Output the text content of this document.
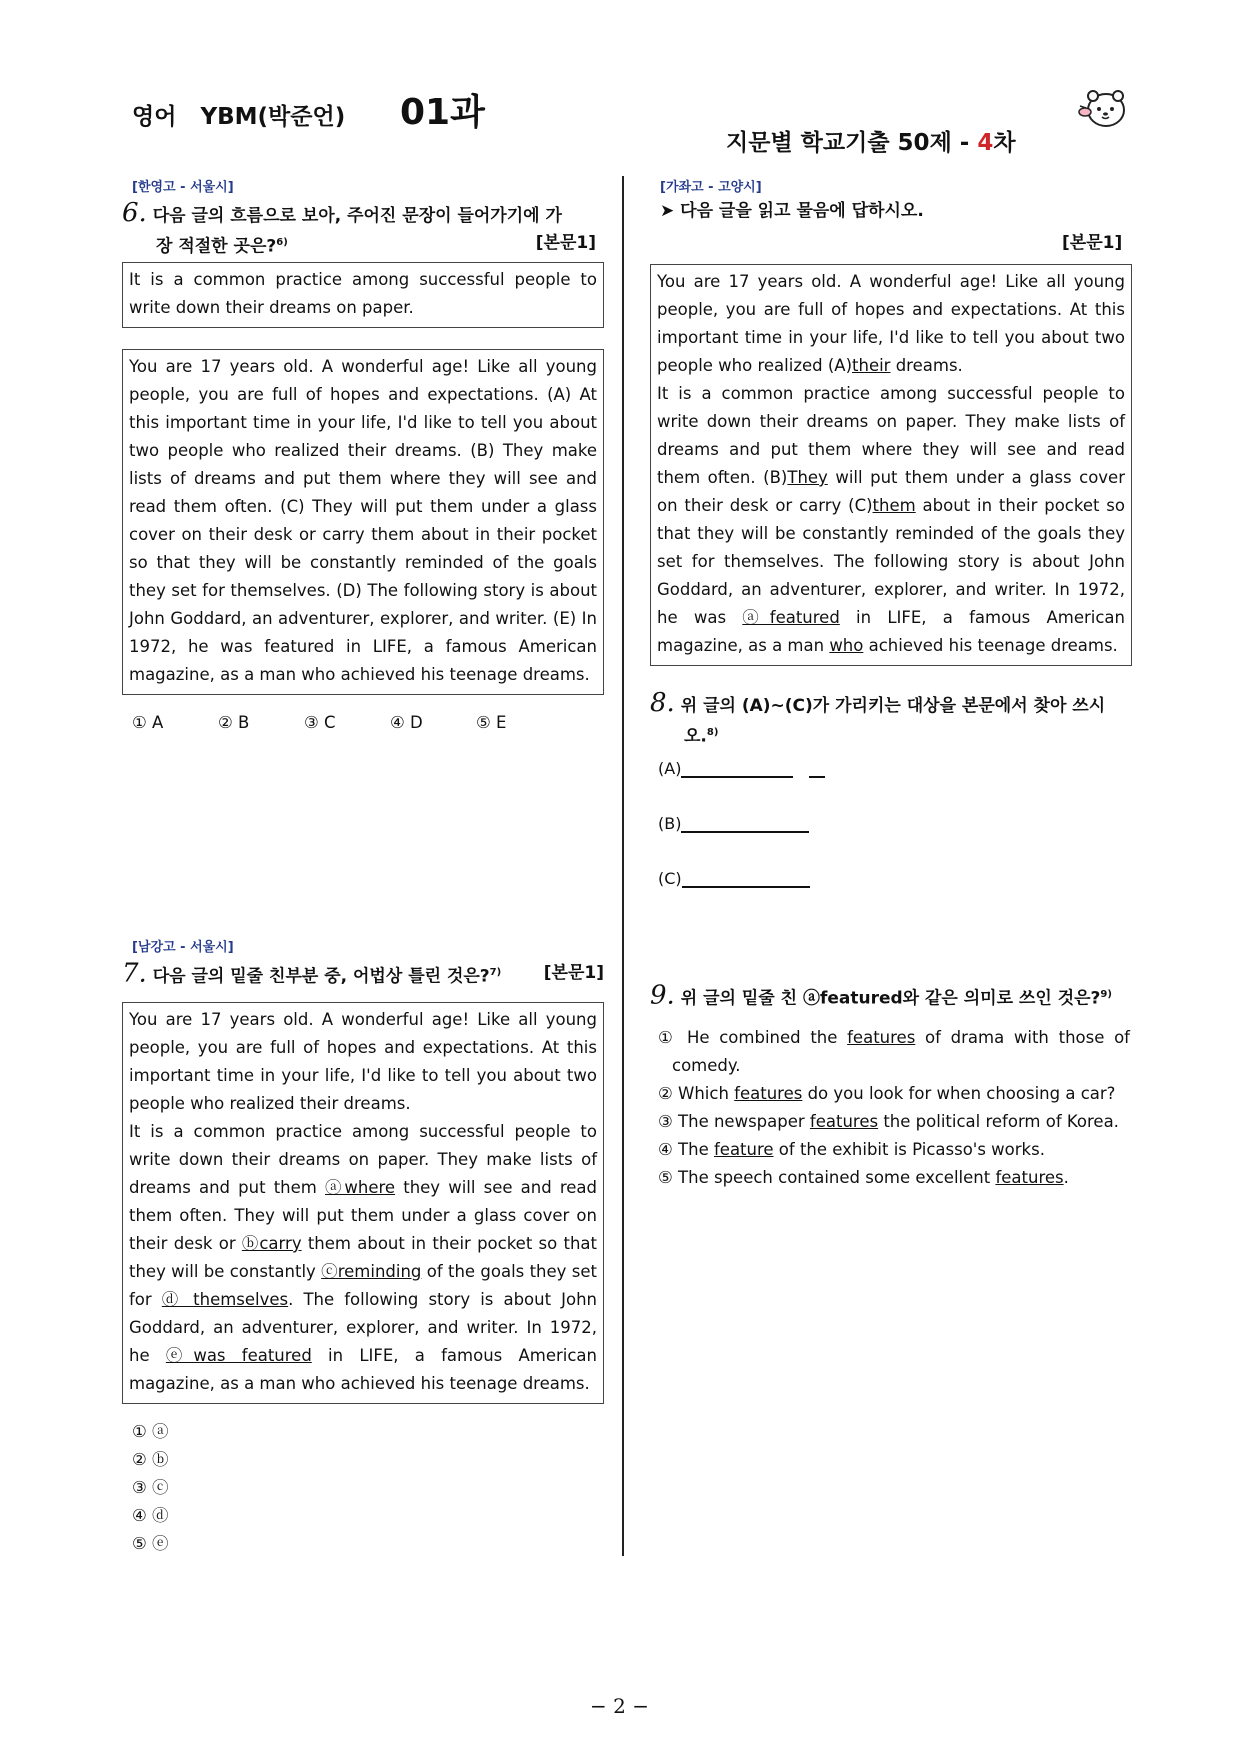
영어   YBM(박준언) 01과

지문별 학교기출 50제 - 4차

[한영고 - 서울시]
6. 다음 글의 흐름으로 보아, 주어진 문장이 들어가기에 가
장 적절한 곳은?$^{6)}$	[본문1]
It is a common practice among successful people to write down their dreams on paper.
You are 17 years old. A wonderful age! Like all young people, you are full of hopes and expectations. (A) At this important time in your life, I'd like to tell you about two people who realized their dreams. (B) They make lists of dreams and put them where they will see and read them often. (C) They will put them under a glass cover on their desk or carry them about in their pocket so that they will be constantly reminded of the goals they set for themselves. (D) The following story is about John Goddard, an adventurer, explorer, and writer. (E) In 1972, he was featured in LIFE, a famous American magazine, as a man who achieved his teenage dreams.
① A	② B	③ C	④ D	⑤ E
[남강고 - 서울시]
7. 다음 글의 밑줄 친부분 중, 어법상 틀린 것은?$^{7)}$	[본문1]
You are 17 years old. A wonderful age! Like all young people, you are full of hopes and expectations. At this important time in your life, I'd like to tell you about two people who realized their dreams.
It is a common practice among successful people to write down their dreams on paper. They make lists of dreams and put them ⓐwhere they will see and read them often. They will put them under a glass cover on their desk or ⓑcarry them about in their pocket so that they will be constantly ⓒreminding of the goals they set for ⓓ themselves. The following story is about John Goddard, an adventurer, explorer, and writer. In 1972, he ⓔwas featured in LIFE, a famous American magazine, as a man who achieved his teenage dreams.
① ⓐ
② ⓑ
③ ⓒ
④ ⓓ
⑤ ⓔ
[가좌고 - 고양시]
➤ 다음 글을 읽고 물음에 답하시오.
[본문1]
You are 17 years old. A wonderful age! Like all young people, you are full of hopes and expectations. At this important time in your life, I'd like to tell you about two people who realized (A)their dreams.
It is a common practice among successful people to write down their dreams on paper. They make lists of dreams and put them where they will see and read them often. (B)They will put them under a glass cover on their desk or carry (C)them about in their pocket so that they will be constantly reminded of the goals they set for themselves. The following story is about John Goddard, an adventurer, explorer, and writer. In 1972, he was ⓐfeatured in LIFE, a famous American magazine, as a man who achieved his teenage dreams.
8. 위 글의 (A)~(C)가 가리키는 대상을 본문에서 찾아 쓰시
오.$^{8)}$
(A)
(B)
(C)
9. 위 글의 밑줄 친 ⓐfeatured와 같은 의미로 쓰인 것은?$^{9)}$
① He combined the features of drama with those of
comedy.
② Which features do you look for when choosing a car?
③ The newspaper features the political reform of Korea.
④ The feature of the exhibit is Picasso's works.
⑤ The speech contained some excellent features.
− 2 −
